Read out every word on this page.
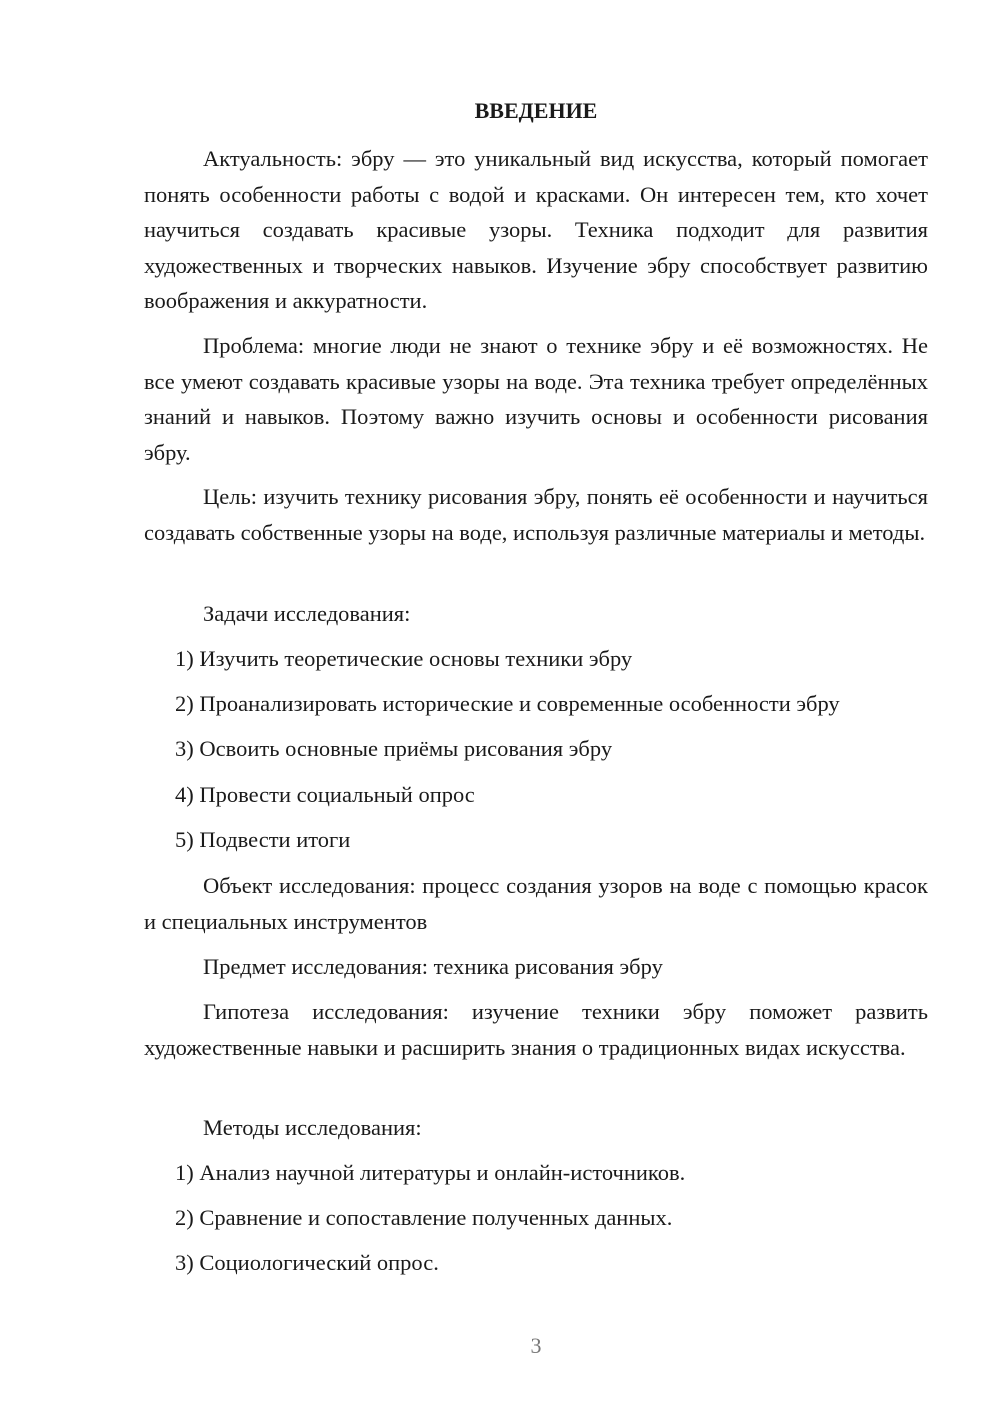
ВВЕДЕНИЕ

Актуальность: эбру — это уникальный вид искусства, который помогает понять особенности работы с водой и красками. Он интересен тем, кто хочет научиться создавать красивые узоры. Техника подходит для развития художественных и творческих навыков. Изучение эбру способствует развитию воображения и аккуратности.

Проблема: многие люди не знают о технике эбру и её возможностях. Не все умеют создавать красивые узоры на воде. Эта техника требует определённых знаний и навыков. Поэтому важно изучить основы и особенности рисования эбру.

Цель: изучить технику рисования эбру, понять её особенности и научиться создавать собственные узоры на воде, используя различные материалы и методы.

Задачи исследования:

1) Изучить теоретические основы техники эбру

2) Проанализировать исторические и современные особенности эбру

3) Освоить основные приёмы рисования эбру

4) Провести социальный опрос

5) Подвести итоги

Объект исследования: процесс создания узоров на воде с помощью красок и специальных инструментов

Предмет исследования: техника рисования эбру

Гипотеза исследования: изучение техники эбру поможет развить художественные навыки и расширить знания о традиционных видах искусства.

Методы исследования:

1) Анализ научной литературы и онлайн-источников.

2) Сравнение и сопоставление полученных данных.

3) Социологический опрос.

3
